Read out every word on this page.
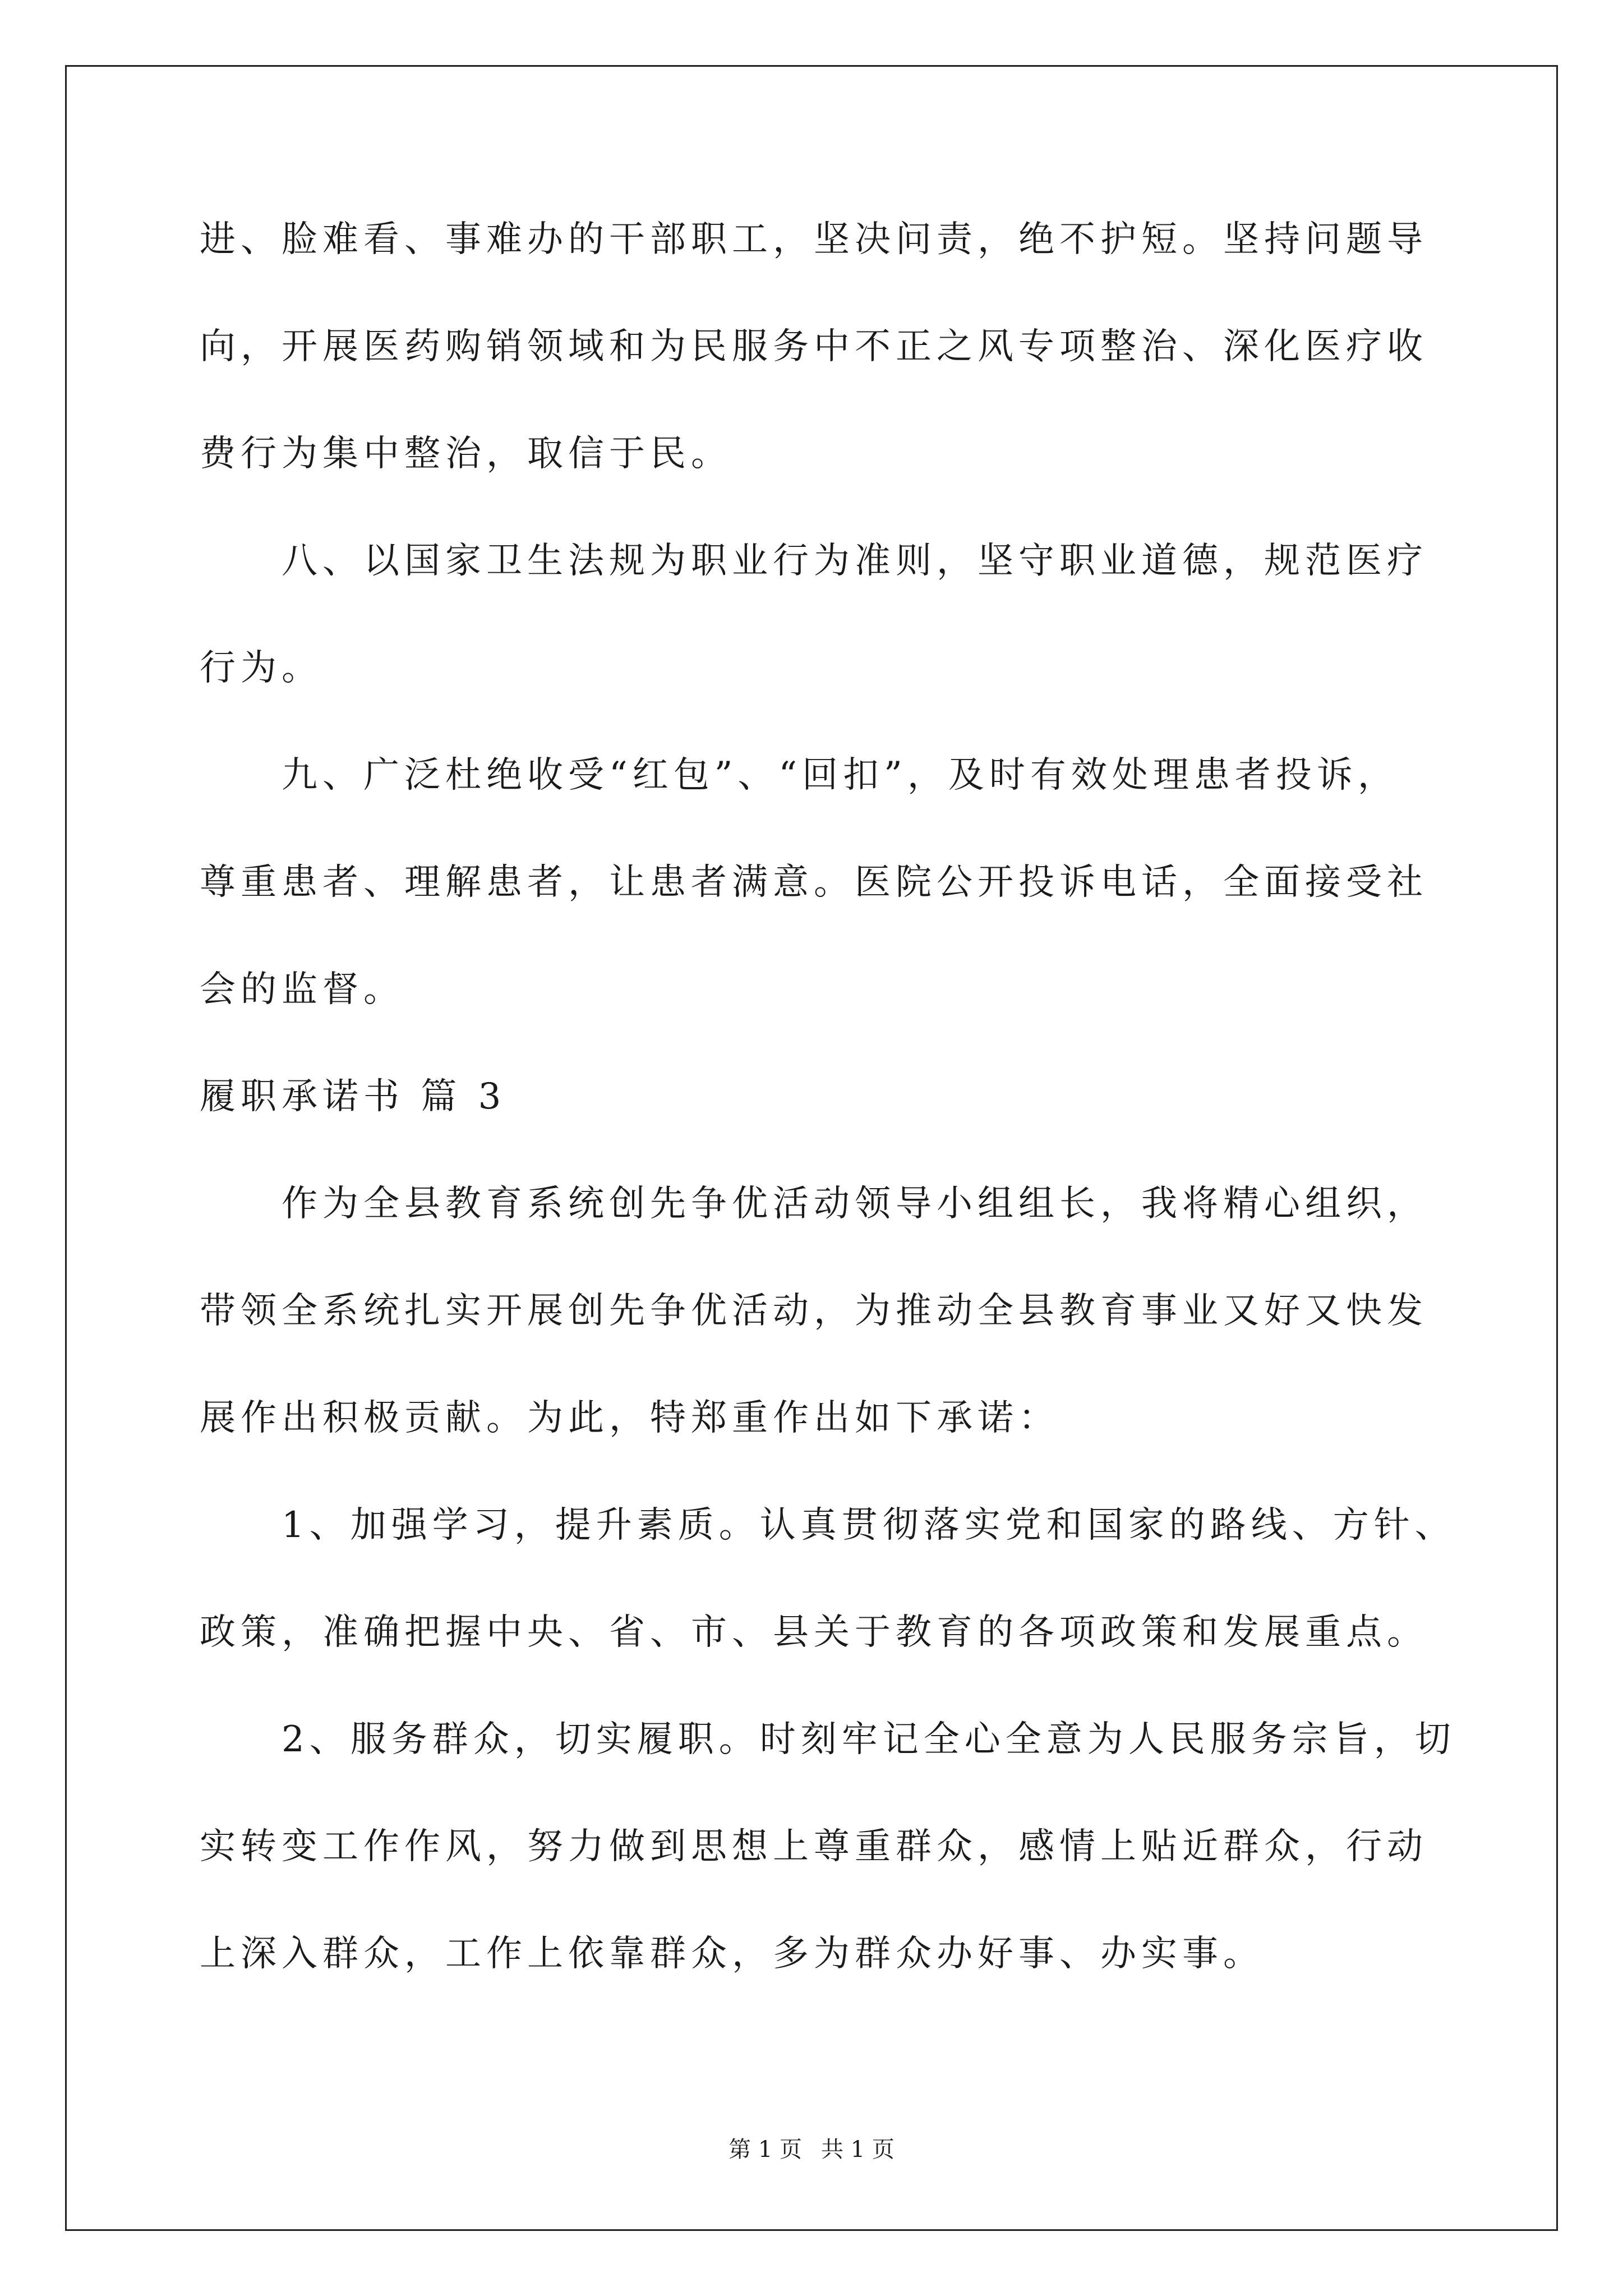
进、脸难看、事难办的干部职工，坚决问责，绝不护短。坚持问题导
向，开展医药购销领域和为民服务中不正之风专项整治、深化医疗收
费行为集中整治，取信于民。
八、以国家卫生法规为职业行为准则，坚守职业道德，规范医疗
行为。
九、广泛杜绝收受“红包”、“回扣”，及时有效处理患者投诉，
尊重患者、理解患者，让患者满意。医院公开投诉电话，全面接受社
会的监督。
履职承诺书 篇 3
作为全县教育系统创先争优活动领导小组组长，我将精心组织，
带领全系统扎实开展创先争优活动，为推动全县教育事业又好又快发
展作出积极贡献。为此，特郑重作出如下承诺：
1、加强学习，提升素质。认真贯彻落实党和国家的路线、方针、
政策，准确把握中央、省、市、县关于教育的各项政策和发展重点。
2、服务群众，切实履职。时刻牢记全心全意为人民服务宗旨，切
实转变工作作风，努力做到思想上尊重群众，感情上贴近群众，行动
上深入群众，工作上依靠群众，多为群众办好事、办实事。
第 1 页 共 1 页
